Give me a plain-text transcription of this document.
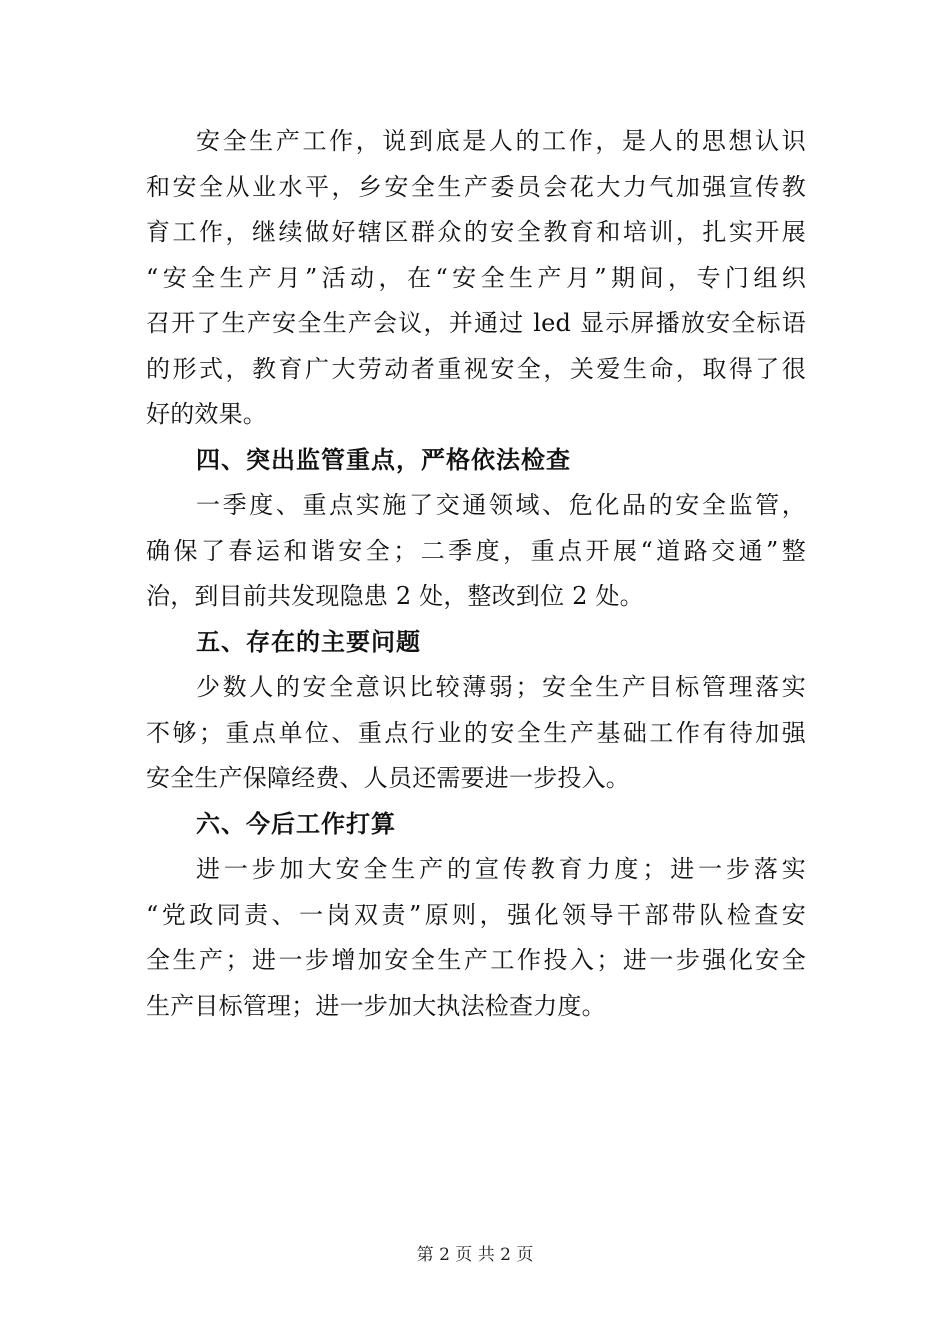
安全生产工作，说到底是人的工作，是人的思想认识
和安全从业水平，乡安全生产委员会花大力气加强宣传教
育工作，继续做好辖区群众的安全教育和培训，扎实开展
“安全生产月”活动，在“安全生产月”期间，专门组织
召开了生产安全生产会议，并通过 led 显示屏播放安全标语
的形式，教育广大劳动者重视安全，关爱生命，取得了很
好的效果。
四、突出监管重点，严格依法检查
一季度、重点实施了交通领域、危化品的安全监管，
确保了春运和谐安全；二季度，重点开展“道路交通”整
治，到目前共发现隐患 2 处，整改到位 2 处。
五、存在的主要问题
少数人的安全意识比较薄弱；安全生产目标管理落实
不够；重点单位、重点行业的安全生产基础工作有待加强
安全生产保障经费、人员还需要进一步投入。
六、今后工作打算
进一步加大安全生产的宣传教育力度；进一步落实
“党政同责、一岗双责”原则，强化领导干部带队检查安
全生产；进一步增加安全生产工作投入；进一步强化安全
生产目标管理；进一步加大执法检查力度。
第 2 页 共 2 页
